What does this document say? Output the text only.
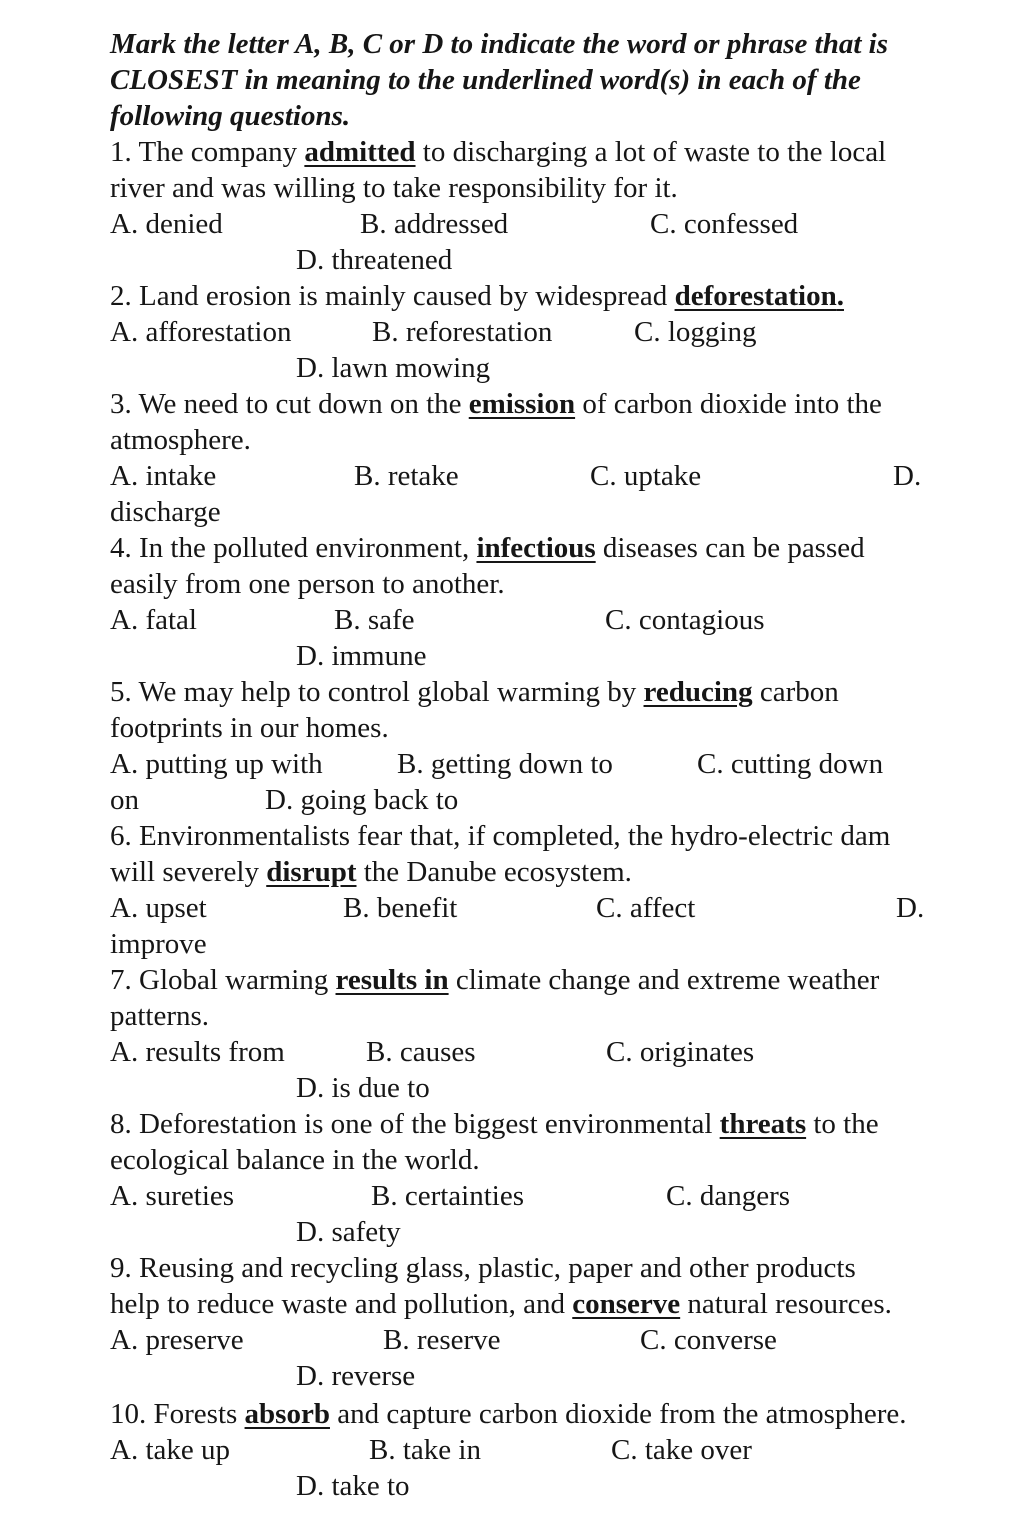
Mark the letter A, B, C or D to indicate the word or phrase that is

CLOSEST in meaning to the underlined word(s) in each of the

following questions.

1. The company admitted to discharging a lot of waste to the local

river and was willing to take responsibility for it.

A. denied	B. addressed	C. confessed

D. threatened

2. Land erosion is mainly caused by widespread deforestation.

A. afforestation	B. reforestation	C. logging

D. lawn mowing

3. We need to cut down on the emission of carbon dioxide into the

atmosphere.

A. intake	B. retake	C. uptake	D.

discharge

4. In the polluted environment, infectious diseases can be passed

easily from one person to another.

A. fatal	B. safe	C. contagious

D. immune

5. We may help to control global warming by reducing carbon

footprints in our homes.

A. putting up with	B. getting down to	C. cutting down

on	D. going back to

6. Environmentalists fear that, if completed, the hydro-electric dam

will severely disrupt the Danube ecosystem.

A. upset	B. benefit	C. affect	D.

improve

7. Global warming results in climate change and extreme weather

patterns.

A. results from	B. causes	C. originates

D. is due to

8. Deforestation is one of the biggest environmental threats to the

ecological balance in the world.

A. sureties	B. certainties	C. dangers

D. safety

9. Reusing and recycling glass, plastic, paper and other products

help to reduce waste and pollution, and conserve natural resources.

A. preserve	B. reserve	C. converse

D. reverse

10. Forests absorb and capture carbon dioxide from the atmosphere.

A. take up	B. take in	C. take over

D. take to
